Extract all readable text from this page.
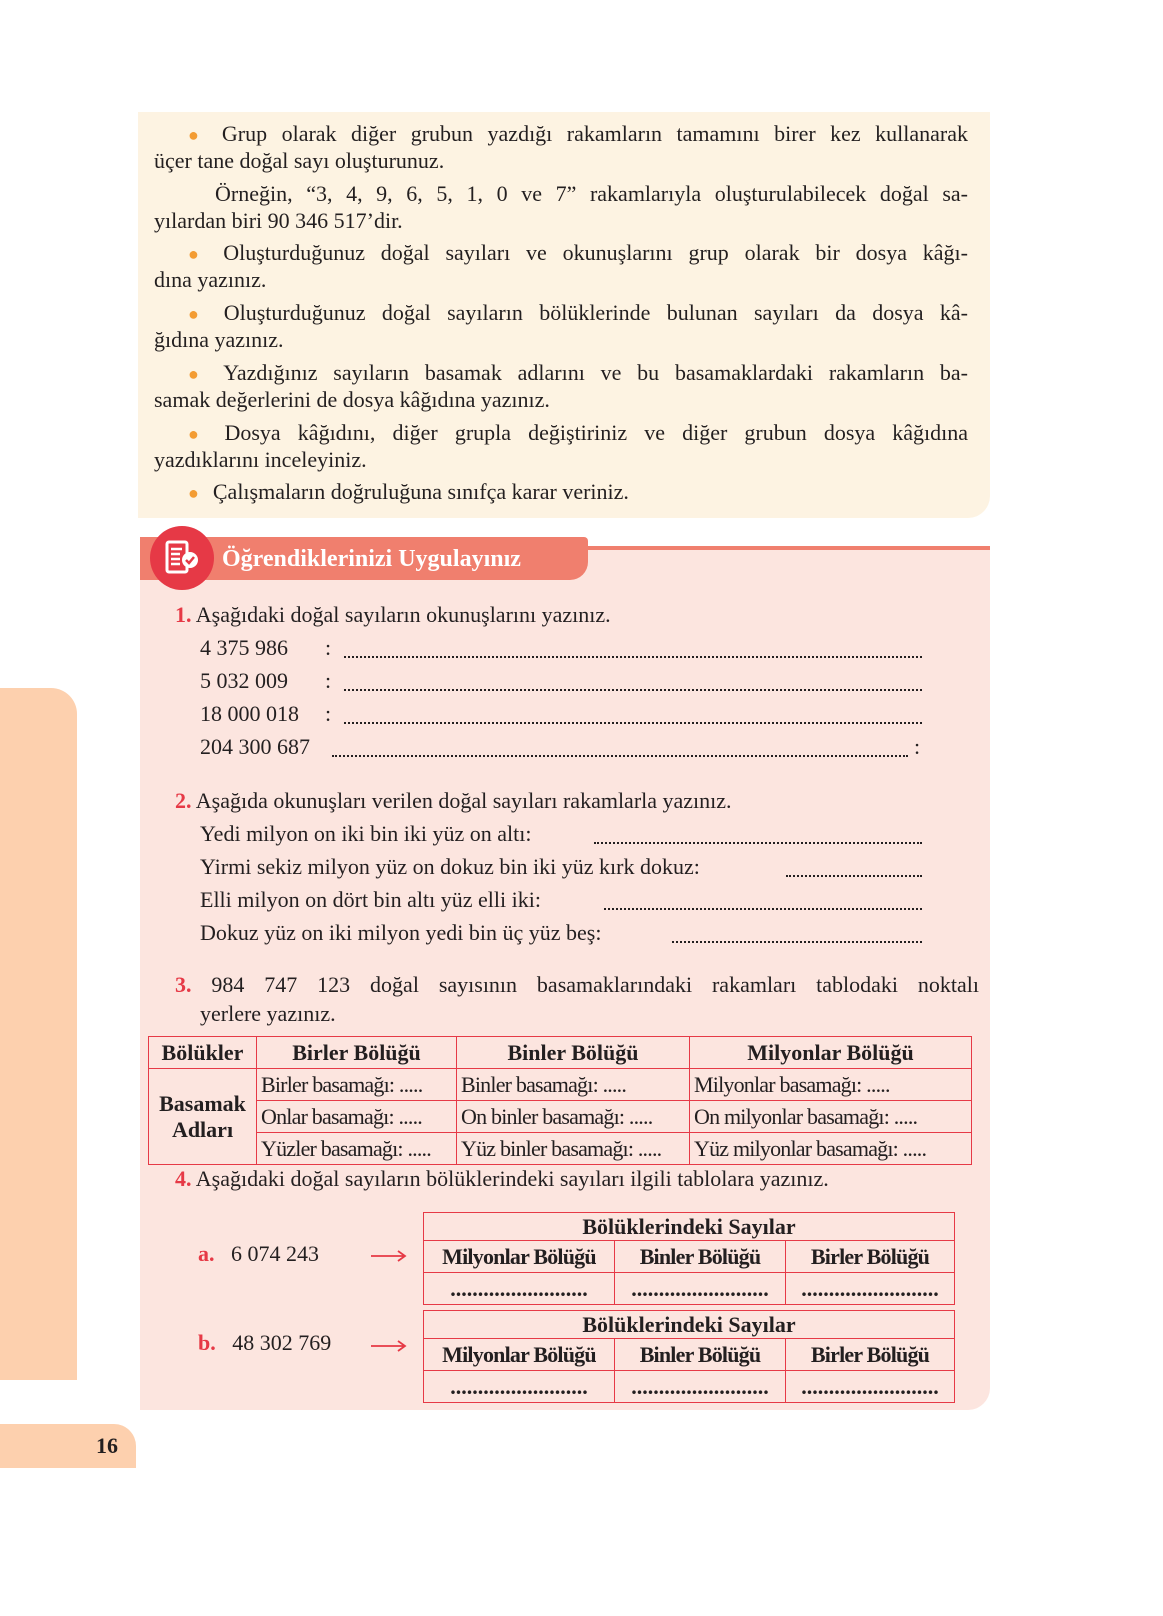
16
● Grup olarak diğer grubun yazdığı rakamların tamamını birer kez kullanarak
üçer tane doğal sayı oluşturunuz.
Örneğin, “3, 4, 9, 6, 5, 1, 0 ve 7” rakamlarıyla oluşturulabilecek doğal sa-
yılardan biri 90 346 517’dir.
● Oluşturduğunuz doğal sayıları ve okunuşlarını grup olarak bir dosya kâğı-
dına yazınız.
● Oluşturduğunuz doğal sayıların bölüklerinde bulunan sayıları da dosya kâ-
ğıdına yazınız.
● Yazdığınız sayıların basamak adlarını ve bu basamaklardaki rakamların ba-
samak değerlerini de dosya kâğıdına yazınız.
● Dosya kâğıdını, diğer grupla değiştiriniz ve diğer grubun dosya kâğıdına
yazdıklarını inceleyiniz.
● Çalışmaların doğruluğuna sınıfça karar veriniz.
Öğrendiklerinizi Uygulayınız
1. Aşağıdaki doğal sayıların okunuşlarını yazınız.
4 375 986 :
5 032 009 :
18 000 018 :
204 300 687	:
2. Aşağıda okunuşları verilen doğal sayıları rakamlarla yazınız.
Yedi milyon on iki bin iki yüz on altı:
Yirmi sekiz milyon yüz on dokuz bin iki yüz kırk dokuz:
Elli milyon on dört bin altı yüz elli iki:
Dokuz yüz on iki milyon yedi bin üç yüz beş:
3. 984 747 123 doğal sayısının basamaklarındaki rakamları tablodaki noktalı
yerlere yazınız.
Bölükler	Birler Bölüğü	Binler Bölüğü	Milyonlar Bölüğü
Basamak
Adları	Birler basamağı: .....	Binler basamağı: .....	Milyonlar basamağı: .....
	Onlar basamağı: .....	On binler basamağı: .....	On milyonlar basamağı: .....
	Yüzler basamağı: .....	Yüz binler basamağı: .....	Yüz milyonlar basamağı: .....
4. Aşağıdaki doğal sayıların bölüklerindeki sayıları ilgili tablolara yazınız.
a. 6 074 243
Bölüklerindeki Sayılar		
Milyonlar Bölüğü	Binler Bölüğü	Birler Bölüğü
.........................	.........................	.........................
b. 48 302 769
Bölüklerindeki Sayılar		
Milyonlar Bölüğü	Binler Bölüğü	Birler Bölüğü
.........................	.........................	.........................
